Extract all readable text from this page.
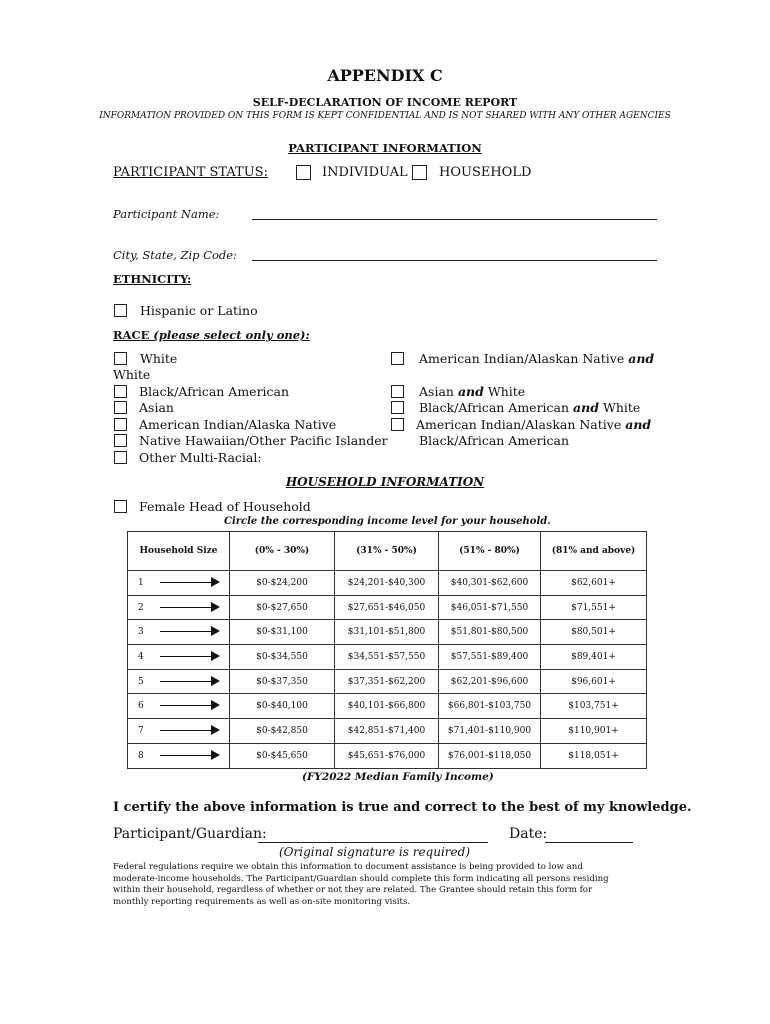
APPENDIX C
SELF-DECLARATION OF INCOME REPORT
INFORMATION PROVIDED ON THIS FORM IS KEPT CONFIDENTIAL AND IS NOT SHARED WITH ANY OTHER AGENCIES
PARTICIPANT INFORMATION
PARTICIPANT STATUS:	INDIVIDUAL HOUSEHOLD
Participant Name:
City, State, Zip Code:
ETHNICITY:
Hispanic or Latino
RACE (please select only one):
White
White
Black/African American
Asian
American Indian/Alaska Native
Native Hawaiian/Other Pacific Islander
Other Multi-Racial:
American Indian/Alaskan Native and
Asian and White
Black/African American and White
American Indian/Alaskan Native and
Black/African American
HOUSEHOLD INFORMATION
Female Head of Household
Circle the corresponding income level for your household.
Household Size	(0% - 30%)	(31% - 50%)	(51% - 80%)	(81% and above)
1	$0-$24,200	$24,201-$40,300	$40,301-$62,600	$62,601+
2	$0-$27,650	$27,651-$46,050	$46,051-$71,550	$71,551+
3	$0-$31,100	$31,101-$51,800	$51,801-$80,500	$80,501+
4	$0-$34,550	$34,551-$57,550	$57,551-$89,400	$89,401+
5	$0-$37,350	$37,351-$62,200	$62,201-$96,600	$96,601+
6	$0-$40,100	$40,101-$66,800	$66,801-$103,750	$103,751+
7	$0-$42,850	$42,851-$71,400	$71,401-$110,900	$110,901+
8	$0-$45,650	$45,651-$76,000	$76,001-$118,050	$118,051+
(FY2022 Median Family Income)
I certify the above information is true and correct to the best of my knowledge.
Participant/Guardian:	Date:
(Original signature is required)
Federal regulations require we obtain this information to document assistance is being provided to low and moderate-income households. The Participant/Guardian should complete this form indicating all persons residing within their household, regardless of whether or not they are related. The Grantee should retain this form for monthly reporting requirements as well as on-site monitoring visits.
